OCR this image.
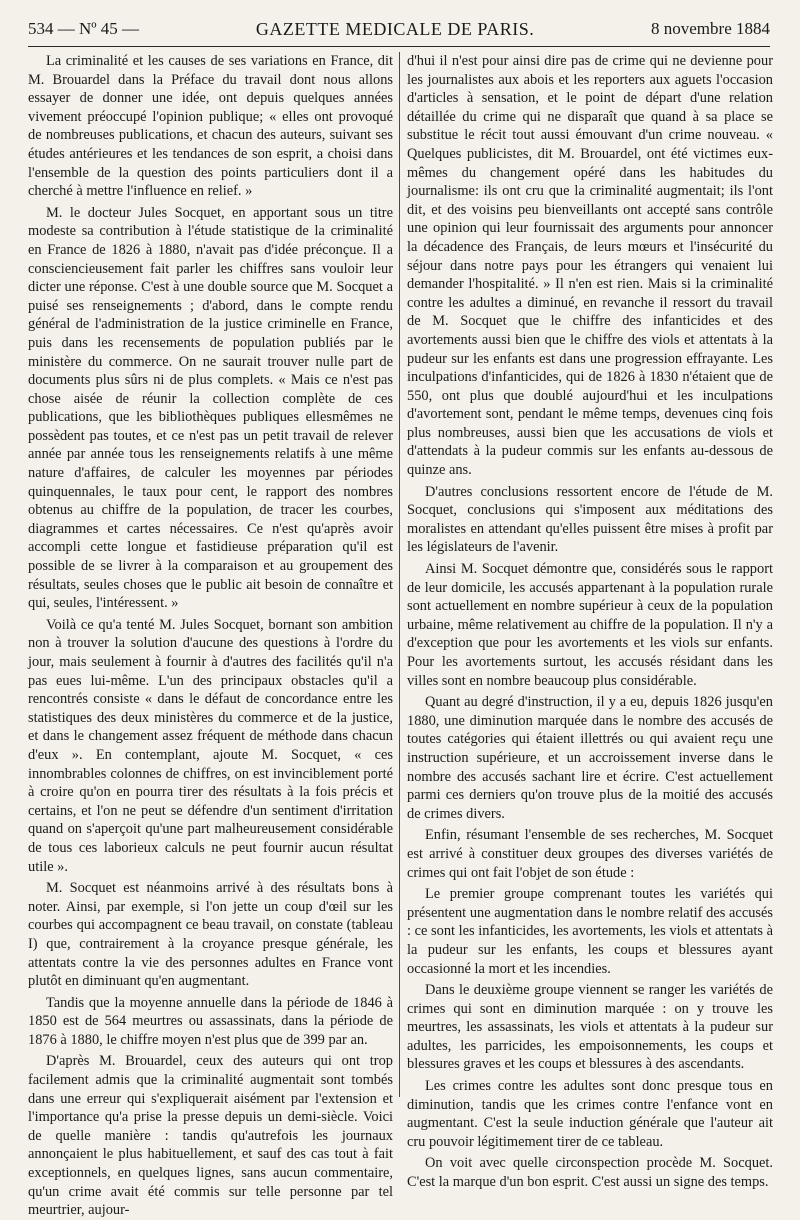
534 — Nº 45 —	GAZETTE MEDICALE DE PARIS.	8 novembre 1884

La criminalité et les causes de ses variations en France, dit M. Brouardel dans la Préface du travail dont nous allons essayer de donner une idée, ont depuis quelques années vivement préoccupé l'opinion publique; « elles ont provoqué de nombreuses publications, et chacun des auteurs, suivant ses études antérieures et les tendances de son esprit, a choisi dans l'ensemble de la question des points particuliers dont il a cherché à mettre l'influence en relief. »

M. le docteur Jules Socquet, en apportant sous un titre modeste sa contribution à l'étude statistique de la criminalité en France de 1826 à 1880, n'avait pas d'idée préconçue. Il a consciencieusement fait parler les chiffres sans vouloir leur dicter une réponse. C'est à une double source que M. Socquet a puisé ses renseignements ; d'abord, dans le compte rendu général de l'administration de la justice criminelle en France, puis dans les recensements de population publiés par le ministère du commerce. On ne saurait trouver nulle part de documents plus sûrs ni de plus complets. « Mais ce n'est pas chose aisée de réunir la collection complète de ces publications, que les bibliothèques publiques ellesmêmes ne possèdent pas toutes, et ce n'est pas un petit travail de relever année par année tous les renseignements relatifs à une même nature d'affaires, de calculer les moyennes par périodes quinquennales, le taux pour cent, le rapport des nombres obtenus au chiffre de la population, de tracer les courbes, diagrammes et cartes nécessaires. Ce n'est qu'après avoir accompli cette longue et fastidieuse préparation qu'il est possible de se livrer à la comparaison et au groupement des résultats, seules choses que le public ait besoin de connaître et qui, seules, l'intéressent. »

Voilà ce qu'a tenté M. Jules Socquet, bornant son ambition non à trouver la solution d'aucune des questions à l'ordre du jour, mais seulement à fournir à d'autres des facilités qu'il n'a pas eues lui-même. L'un des principaux obstacles qu'il a rencontrés consiste « dans le défaut de concordance entre les statistiques des deux ministères du commerce et de la justice, et dans le changement assez fréquent de méthode dans chacun d'eux ». En contemplant, ajoute M. Socquet, « ces innombrables colonnes de chiffres, on est invinciblement porté à croire qu'on en pourra tirer des résultats à la fois précis et certains, et l'on ne peut se défendre d'un sentiment d'irritation quand on s'aperçoit qu'une part malheureusement considérable de tous ces laborieux calculs ne peut fournir aucun résultat utile ».

M. Socquet est néanmoins arrivé à des résultats bons à noter. Ainsi, par exemple, si l'on jette un coup d'œil sur les courbes qui accompagnent ce beau travail, on constate (tableau I) que, contrairement à la croyance presque générale, les attentats contre la vie des personnes adultes en France vont plutôt en diminuant qu'en augmentant.

Tandis que la moyenne annuelle dans la période de 1846 à 1850 est de 564 meurtres ou assassinats, dans la période de 1876 à 1880, le chiffre moyen n'est plus que de 399 par an.

D'après M. Brouardel, ceux des auteurs qui ont trop facilement admis que la criminalité augmentait sont tombés dans une erreur qui s'expliquerait aisément par l'extension et l'importance qu'a prise la presse depuis un demi-siècle. Voici de quelle manière : tandis qu'autrefois les journaux annonçaient le plus habituellement, et sauf des cas tout à fait exceptionnels, en quelques lignes, sans aucun commentaire, qu'un crime avait été commis sur telle personne par tel meurtrier, aujour-

d'hui il n'est pour ainsi dire pas de crime qui ne devienne pour les journalistes aux abois et les reporters aux aguets l'occasion d'articles à sensation, et le point de départ d'une relation détaillée du crime qui ne disparaît que quand à sa place se substitue le récit tout aussi émouvant d'un crime nouveau. « Quelques publicistes, dit M. Brouardel, ont été victimes eux-mêmes du changement opéré dans les habitudes du journalisme: ils ont cru que la criminalité augmentait; ils l'ont dit, et des voisins peu bienveillants ont accepté sans contrôle une opinion qui leur fournissait des arguments pour annoncer la décadence des Français, de leurs mœurs et l'insécurité du séjour dans notre pays pour les étrangers qui venaient lui demander l'hospitalité. » Il n'en est rien. Mais si la criminalité contre les adultes a diminué, en revanche il ressort du travail de M. Socquet que le chiffre des infanticides et des avortements aussi bien que le chiffre des viols et attentats à la pudeur sur les enfants est dans une progression effrayante. Les inculpations d'infanticides, qui de 1826 à 1830 n'étaient que de 550, ont plus que doublé aujourd'hui et les inculpations d'avortement sont, pendant le même temps, devenues cinq fois plus nombreuses, aussi bien que les accusations de viols et d'attendats à la pudeur commis sur les enfants au-dessous de quinze ans.

D'autres conclusions ressortent encore de l'étude de M. Socquet, conclusions qui s'imposent aux méditations des moralistes en attendant qu'elles puissent être mises à profit par les législateurs de l'avenir.

Ainsi M. Socquet démontre que, considérés sous le rapport de leur domicile, les accusés appartenant à la population rurale sont actuellement en nombre supérieur à ceux de la population urbaine, même relativement au chiffre de la population. Il n'y a d'exception que pour les avortements et les viols sur enfants. Pour les avortements surtout, les accusés résidant dans les villes sont en nombre beaucoup plus considérable.

Quant au degré d'instruction, il y a eu, depuis 1826 jusqu'en 1880, une diminution marquée dans le nombre des accusés de toutes catégories qui étaient illettrés ou qui avaient reçu une instruction supérieure, et un accroissement inverse dans le nombre des accusés sachant lire et écrire. C'est actuellement parmi ces derniers qu'on trouve plus de la moitié des accusés de crimes divers.

Enfin, résumant l'ensemble de ses recherches, M. Socquet est arrivé à constituer deux groupes des diverses variétés de crimes qui ont fait l'objet de son étude :

Le premier groupe comprenant toutes les variétés qui présentent une augmentation dans le nombre relatif des accusés : ce sont les infanticides, les avortements, les viols et attentats à la pudeur sur les enfants, les coups et blessures ayant occasionné la mort et les incendies.

Dans le deuxième groupe viennent se ranger les variétés de crimes qui sont en diminution marquée : on y trouve les meurtres, les assassinats, les viols et attentats à la pudeur sur adultes, les parricides, les empoisonnements, les coups et blessures graves et les coups et blessures à des ascendants.

Les crimes contre les adultes sont donc presque tous en diminution, tandis que les crimes contre l'enfance vont en augmentant. C'est la seule induction générale que l'auteur ait cru pouvoir légitimement tirer de ce tableau.

On voit avec quelle circonspection procède M. Socquet. C'est la marque d'un bon esprit. C'est aussi un signe des temps.
